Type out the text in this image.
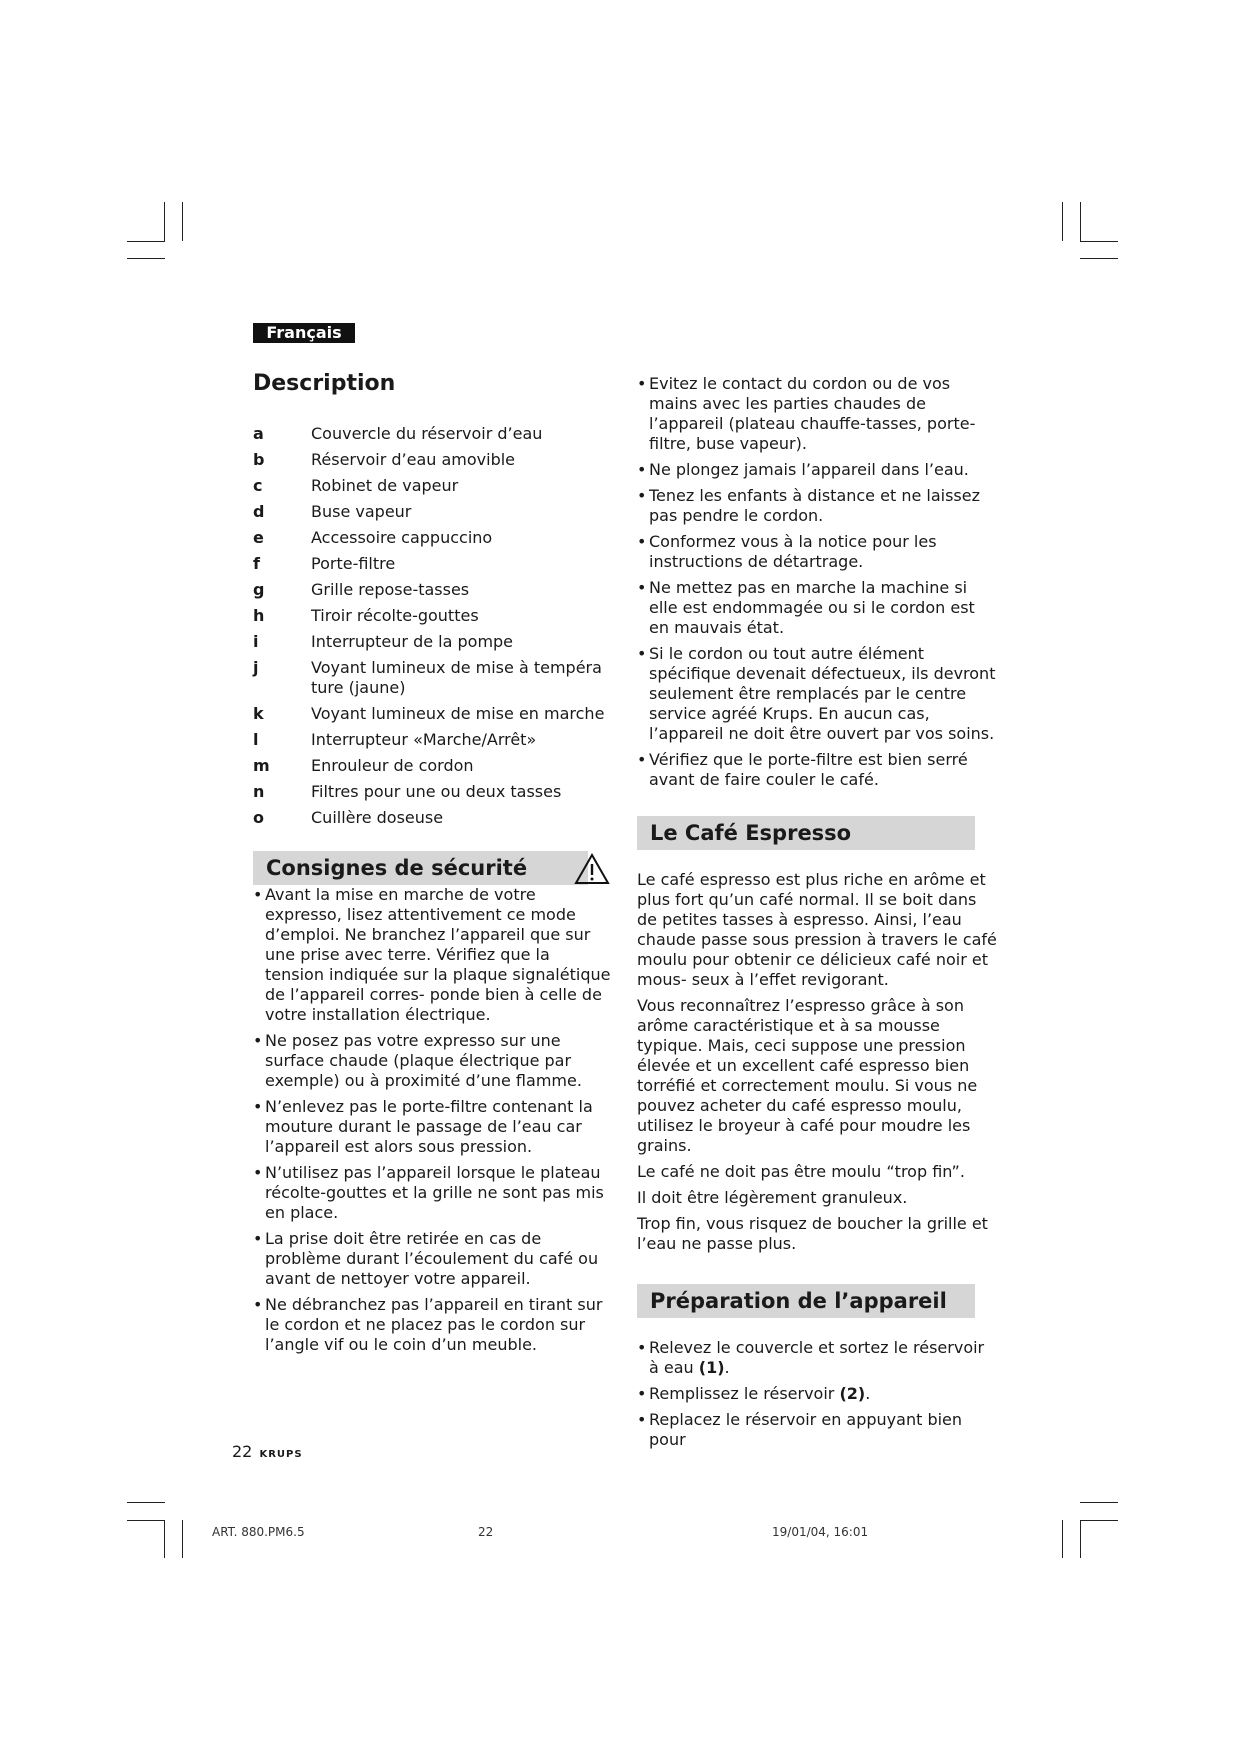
Français
Description
a	Couvercle du réservoir d’eau
b	Réservoir d’eau amovible
c	Robinet de vapeur
d	Buse vapeur
e	Accessoire cappuccino
f	Porte-filtre
g	Grille repose-tasses
h	Tiroir récolte-gouttes
i	Interrupteur de la pompe
j	Voyant lumineux de mise à tempéra ture (jaune)
k	Voyant lumineux de mise en marche
l	Interrupteur «Marche/Arrêt»
m	Enrouleur de cordon
n	Filtres pour une ou deux tasses
o	Cuillère doseuse
Consignes de sécurité
• Avant la mise en marche de votre expresso, lisez attentivement ce mode d’emploi. Ne branchez l’appareil que sur une prise avec terre. Vérifiez que la tension indiquée sur la plaque signalétique de l’appareil corres- ponde bien à celle de votre installation électrique.
• Ne posez pas votre expresso sur une surface chaude (plaque électrique par exemple) ou à proximité d’une flamme.
• N’enlevez pas le porte-filtre contenant la mouture durant le passage de l’eau car l’appareil est alors sous pression.
• N’utilisez pas l’appareil lorsque le plateau récolte-gouttes et la grille ne sont pas mis en place.
• La prise doit être retirée en cas de problème durant l’écoulement du café ou avant de nettoyer votre appareil.
• Ne débranchez pas l’appareil en tirant sur le cordon et ne placez pas le cordon sur l’angle vif ou le coin d’un meuble.
• Evitez le contact du cordon ou de vos mains avec les parties chaudes de l’appareil (plateau chauffe-tasses, porte-filtre, buse vapeur).
• Ne plongez jamais l’appareil dans l’eau.
• Tenez les enfants à distance et ne laissez pas pendre le cordon.
• Conformez vous à la notice pour les instructions de détartrage.
• Ne mettez pas en marche la machine si elle est endommagée ou si le cordon est en mauvais état.
• Si le cordon ou tout autre élément spécifique devenait défectueux, ils devront seulement être remplacés par le centre service agréé Krups. En aucun cas, l’appareil ne doit être ouvert par vos soins.
• Vérifiez que le porte-filtre est bien serré avant de faire couler le café.
Le Café Espresso

Le café espresso est plus riche en arôme et plus fort qu’un café normal. Il se boit dans de petites tasses à espresso. Ainsi, l’eau chaude passe sous pression à travers le café moulu pour obtenir ce délicieux café noir et mous- seux à l’effet revigorant.

Vous reconnaîtrez l’espresso grâce à son arôme caractéristique et à sa mousse typique. Mais, ceci suppose une pression élevée et un excellent café espresso bien torréfié et correctement moulu. Si vous ne pouvez acheter du café espresso moulu, utilisez le broyeur à café pour moudre les grains.

Le café ne doit pas être moulu “trop fin”.

Il doit être légèrement granuleux.

Trop fin, vous risquez de boucher la grille et l’eau ne passe plus.

Préparation de l’appareil
• Relevez le couvercle et sortez le réservoir à eau (1).
• Remplissez le réservoir (2).
• Replacez le réservoir en appuyant bien pour
22 KRUPS
ART. 880.PM6.5	22	19/01/04, 16:01
